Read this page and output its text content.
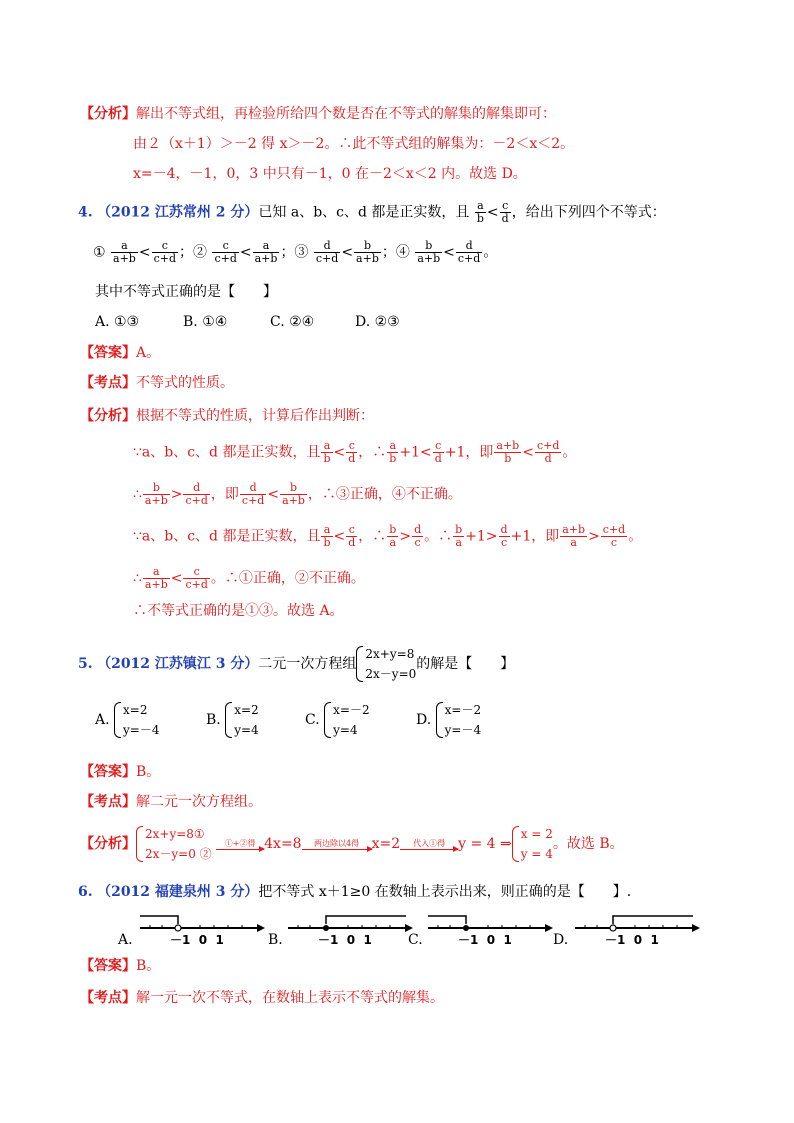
【分析】解出不等式组，再检验所给四个数是否在不等式的解集的解集即可：
由２（x＋1）＞－2 得 x＞－2。∴此不等式组的解集为：－2＜x＜2。
x=－4，－1，0，3 中只有－1，0 在－2＜x＜2 内。故选 D。
4. （2012 江苏常州 2 分）已知 a、b、c、d 都是正实数，且 $\frac{a}{b} < \frac{c}{d}$ ，给出下列四个不等式：
① $\frac{a}{a+b} < \frac{c}{c+d}$ ；② $\frac{c}{c+d} < \frac{a}{a+b}$ ；③ $\frac{d}{c+d} < \frac{b}{a+b}$ ；④ $\frac{b}{a+b} < \frac{d}{c+d}$ 。
其中不等式正确的是【　　】
A. ①③	B. ①④	C. ②④	D. ②③
【答案】A。
【考点】不等式的性质。
【分析】根据不等式的性质，计算后作出判断：
∵a、b、c、d 都是正实数，且 $\frac{a}{b} < \frac{c}{d}$ ，∴ $\frac{a}{b} +1< \frac{c}{d} +1$，即 $\frac{a+b}{b} < \frac{c+d}{d}$ 。
∴ $\frac{b}{a+b} > \frac{d}{c+d}$ ，即 $\frac{d}{c+d} < \frac{b}{a+b}$ ，∴③正确，④不正确。
∵a、b、c、d 都是正实数，且 $\frac{a}{b} < \frac{c}{d}$ ，∴ $\frac{b}{a} > \frac{d}{c}$ 。∴ $\frac{b}{a} +1> \frac{d}{c} +1$，即 $\frac{a+b}{a} > \frac{c+d}{c}$ 。
∴ $\frac{a}{a+b} < \frac{c}{c+d}$ 。∴①正确，②不正确。
∴不等式正确的是①③。故选 A。
5. （2012 江苏镇江 3 分）二元一次方程组
2x+y=8
2x－y=0
的解是【　　】
A.
x=2
y=－4
B.
x=2
y=4
C.
x=－2
y=4
D.
x=－2
y=－4
【答案】B。
【考点】解二元一次方程组。
【分析】
2x+y=8①
2x－y=0 ②

①+②得 4x=8	两边除以4得 x=2	代入①得 y = 4 ⇒
x = 2
y = 4
。故选 B。
6. （2012 福建泉州 3 分）把不等式 x＋1≥0 在数轴上表示出来，则正确的是【　　】.
A.	B.	C.	D.
－1 0 1	－1 0 1	－1 0 1	－1 0 1
【答案】B。
【考点】解一元一次不等式，在数轴上表示不等式的解集。
